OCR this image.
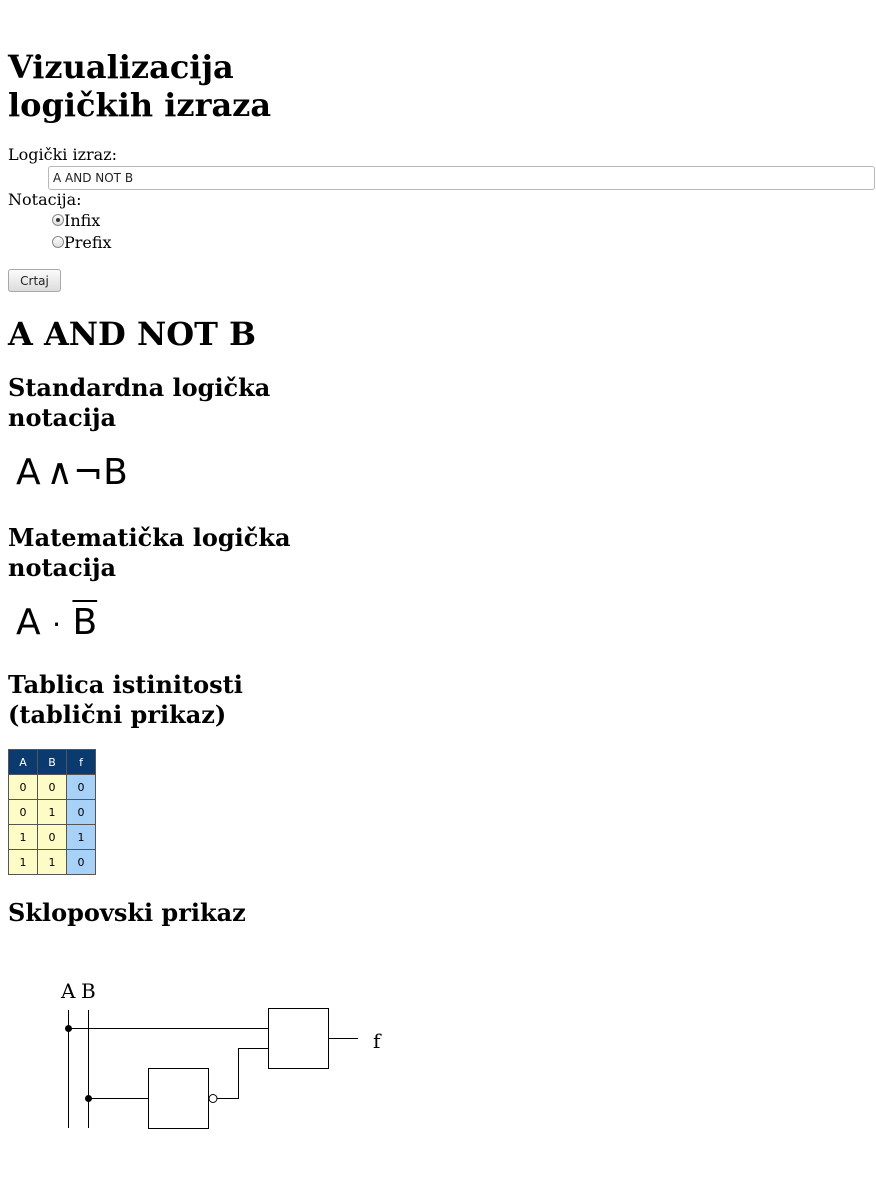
Vizualizacija logičkih izraza
Logički izraz:
A AND NOT B
Notacija:
Infix
Prefix
Crtaj
A AND NOT B
Standardna logička notacija
A ∧¬B
Matematička logička notacija
$A \cdot \overline{B}$
Tablica istinitosti (tablični prikaz)
A	B	f
0	0	0
0	1	0
1	0	1
1	1	0
Sklopovski prikaz
A B
f
